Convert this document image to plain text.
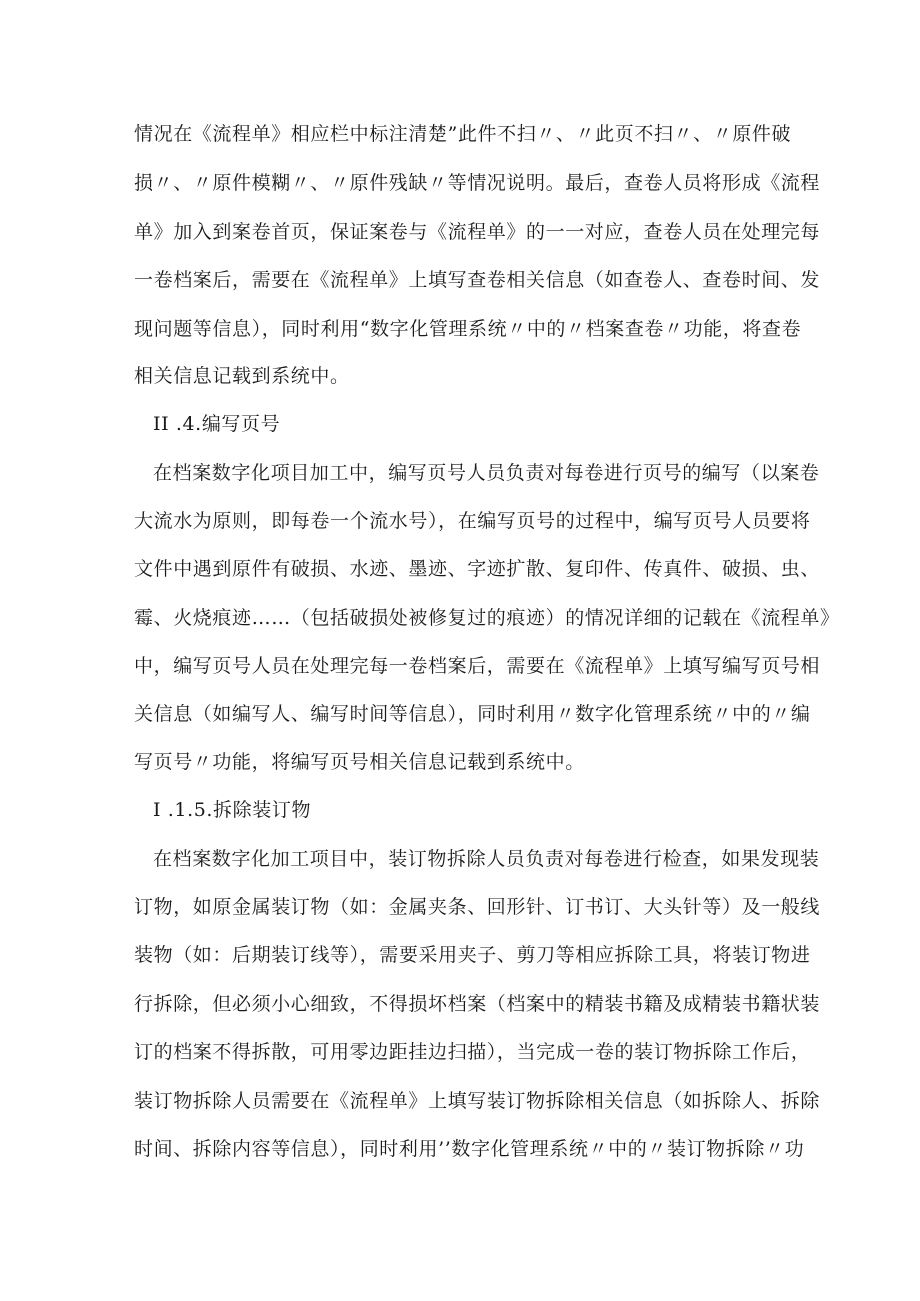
情况在《流程单》相应栏中标注清楚”此件不扫〃、〃此页不扫〃、〃原件破
损〃、〃原件模糊〃、〃原件残缺〃等情况说明。最后，查卷人员将形成《流程
单》加入到案卷首页，保证案卷与《流程单》的一一对应，查卷人员在处理完每
一卷档案后，需要在《流程单》上填写查卷相关信息（如查卷人、查卷时间、发
现问题等信息），同时利用“数字化管理系统〃中的〃档案查卷〃功能，将查卷
相关信息记载到系统中。
II .4.编写页号
在档案数字化项目加工中，编写页号人员负责对每卷进行页号的编写（以案卷
大流水为原则，即每卷一个流水号），在编写页号的过程中，编写页号人员要将
文件中遇到原件有破损、水迹、墨迹、字迹扩散、复印件、传真件、破损、虫、
霉、火烧痕迹……（包括破损处被修复过的痕迹）的情况详细的记载在《流程单》
中，编写页号人员在处理完每一卷档案后，需要在《流程单》上填写编写页号相
关信息（如编写人、编写时间等信息），同时利用〃数字化管理系统〃中的〃编
写页号〃功能，将编写页号相关信息记载到系统中。
I .1.5.拆除装订物
在档案数字化加工项目中，装订物拆除人员负责对每卷进行检查，如果发现装
订物，如原金属装订物（如：金属夹条、回形针、订书订、大头针等）及一般线
装物（如：后期装订线等），需要采用夹子、剪刀等相应拆除工具，将装订物进
行拆除，但必须小心细致，不得损坏档案（档案中的精装书籍及成精装书籍状装
订的档案不得拆散，可用零边距挂边扫描），当完成一卷的装订物拆除工作后，
装订物拆除人员需要在《流程单》上填写装订物拆除相关信息（如拆除人、拆除
时间、拆除内容等信息），同时利用’’数字化管理系统〃中的〃装订物拆除〃功
